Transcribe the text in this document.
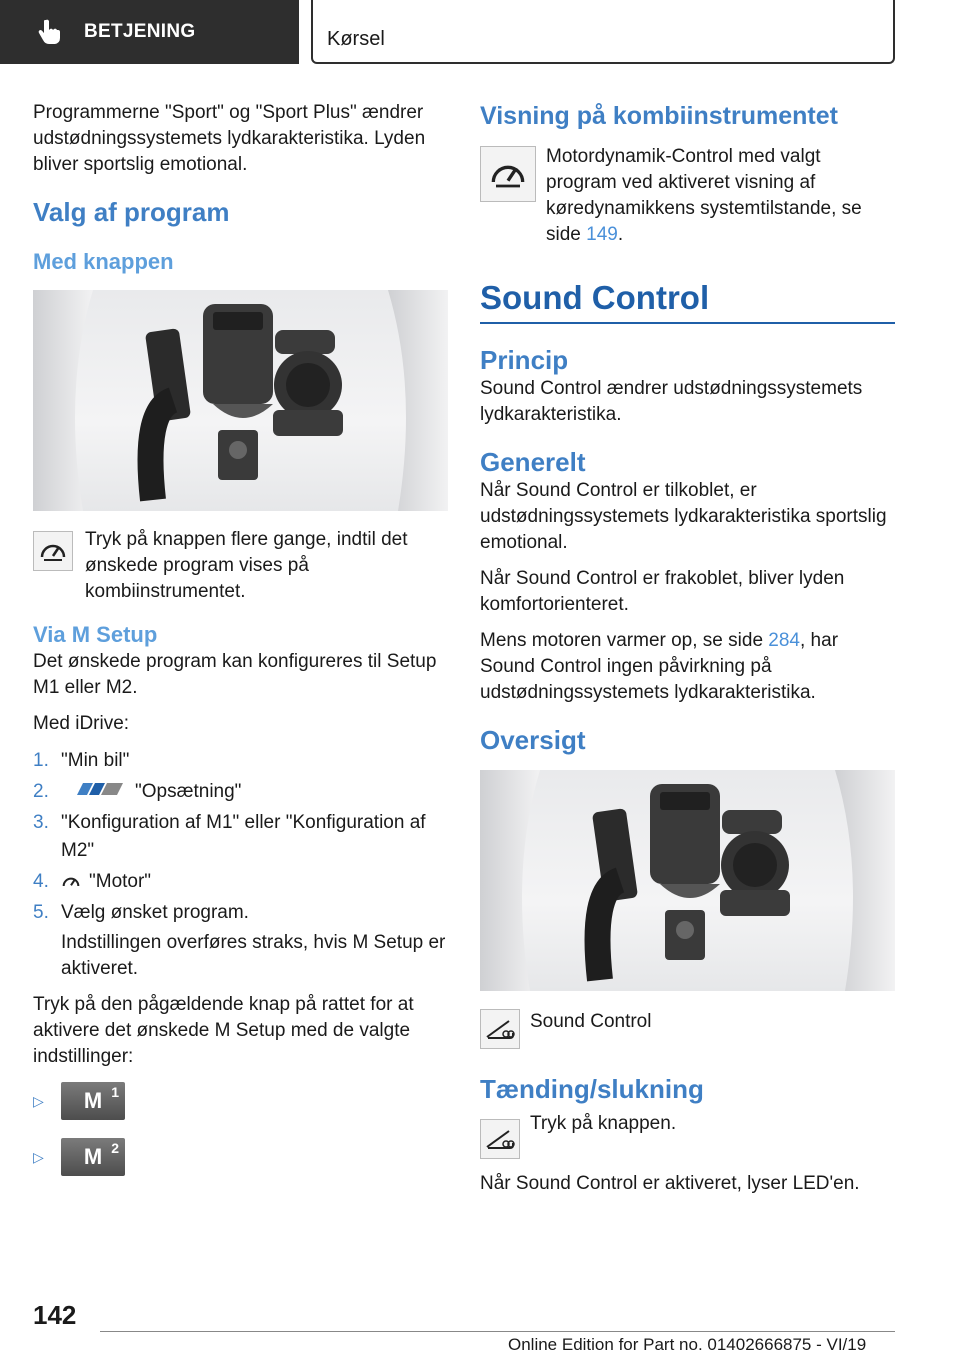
BETJENING	Kørsel

Programmerne "Sport" og "Sport Plus" ændrer udstødningssystemets lydkarakteristika. Lyden bliver sportslig emotional.

Valg af program
Med knappen

Tryk på knappen flere gange, indtil det ønskede program vises på kombiinstrumentet.

Via M Setup

Det ønskede program kan konfigureres til Setup M1 eller M2.

Med iDrive:

1. "Min bil"
2.	"Opsætning"
3. "Konfiguration af M1" eller "Konfiguration af M2"
4.	"Motor"
5. Vælg ønsket program.

Indstillingen overføres straks, hvis M Setup er aktiveret.

Tryk på den pågældende knap på rattet for at aktivere det ønskede M Setup med de valgte indstillinger:

▷	M $^1$
▷	M $^2$
Visning på kombiinstrumentet

Motordynamik-Control med valgt program ved aktiveret visning af køredynamikkens systemtilstande, se side 149.

Sound Control
Princip

Sound Control ændrer udstødningssystemets lydkarakteristika.

Generelt

Når Sound Control er tilkoblet, er udstødningssystemets lydkarakteristika sportslig emotional.

Når Sound Control er frakoblet, bliver lyden komfortorienteret.

Mens motoren varmer op, se side 284, har Sound Control ingen påvirkning på udstødningssystemets lydkarakteristika.

Oversigt

Sound Control

Tænding/slukning

Tryk på knappen.

Når Sound Control er aktiveret, lyser LED'en.

142
Online Edition for Part no. 01402666875 - VI/19
